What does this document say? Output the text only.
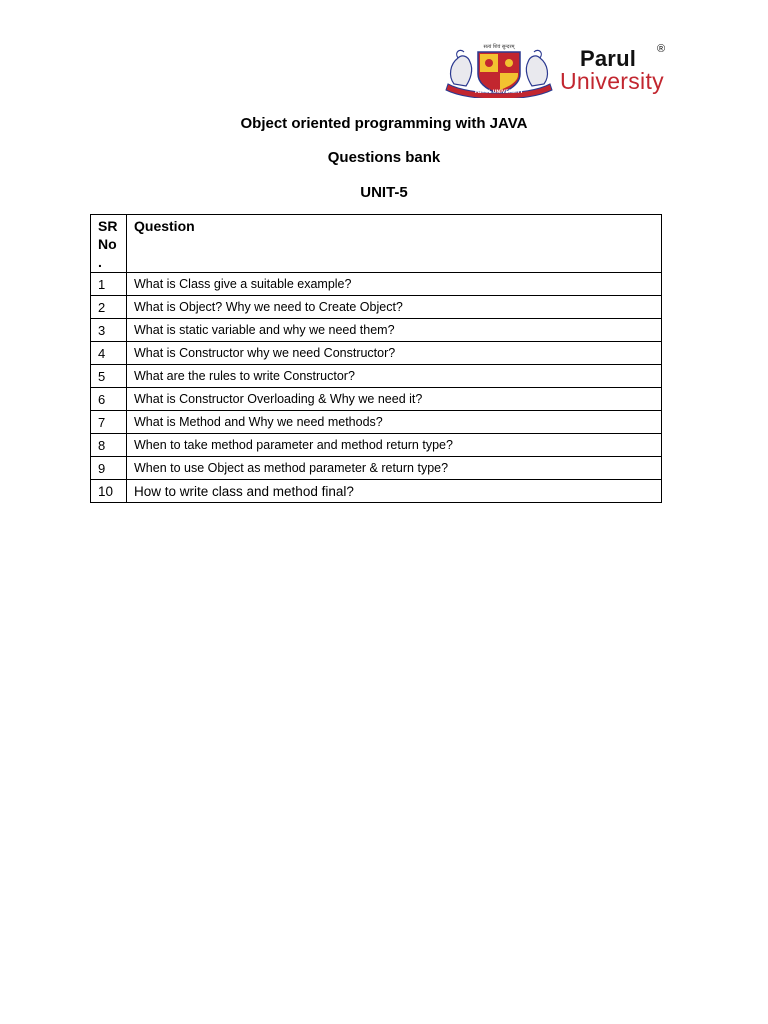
सत्यं शिवं सुन्दरम्
PARUL UNIVERSITY
Parul ®
University
Object oriented programming with JAVA
Questions bank
UNIT-5
SR No .	Question
1	What is Class give a suitable example?
2	What is Object? Why we need to Create Object?
3	What is static variable and why we need them?
4	What is Constructor why we need Constructor?
5	What are the rules to write Constructor?
6	What is Constructor Overloading & Why we need it?
7	What is Method and Why we need methods?
8	When to take method parameter and method return type?
9	When to use Object as method parameter & return type?
10	How to write class and method final?
